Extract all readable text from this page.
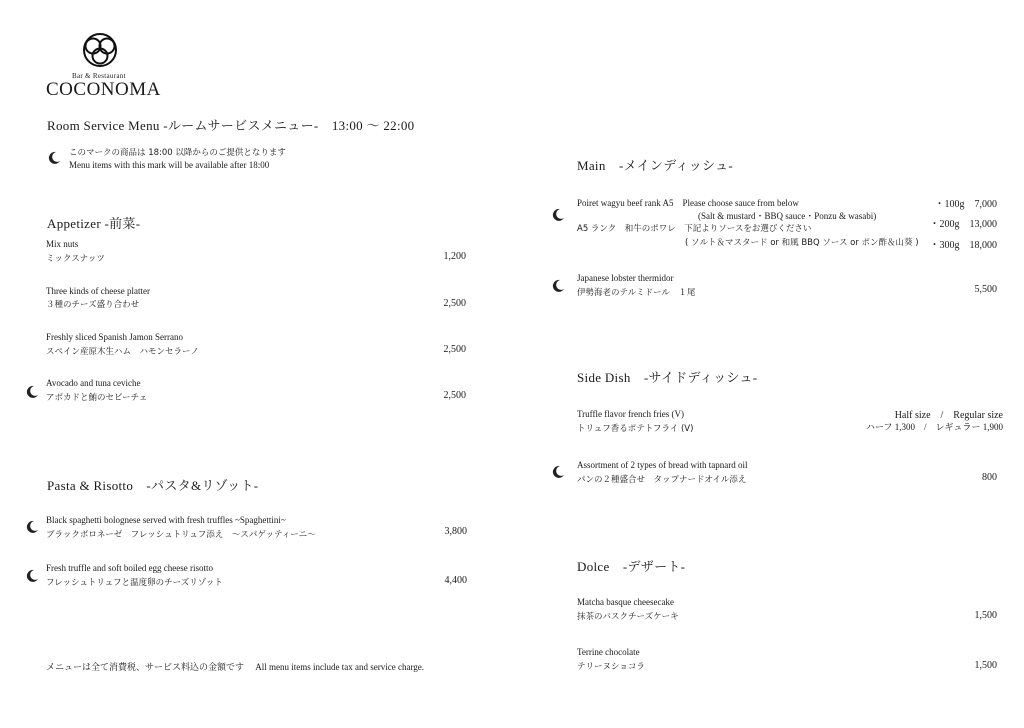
Bar & Restaurant
COCONOMA
Room Service Menu -ルームサービスメニュー-　13:00 ～ 22:00
このマークの商品は 18:00 以降からのご提供となります
Menu items with this mark will be available after 18:00
Appetizer -前菜-
Mix nuts
ミックスナッツ	1,200
Three kinds of cheese platter
３種のチーズ盛り合わせ	2,500
Freshly sliced Spanish Jamon Serrano
スペイン産原木生ハム　ハモンセラーノ	2,500
Avocado and tuna ceviche
アボカドと鮪のセビーチェ	2,500
Pasta & Risotto　-パスタ&リゾット-
Black spaghetti bolognese served with fresh truffles ~Spaghettini~
ブラックボロネーゼ　フレッシュトリュフ添え　～スパゲッティーニ～	3,800
Fresh truffle and soft boiled egg cheese risotto
フレッシュトリュフと温度卵のチーズリゾット	4,400
メニューは全て消費税、サービス料込の金額です　 All menu items include tax and service charge.
Main　-メインディッシュ-
Poiret wagyu beef rank A5　Please choose sauce from below
(Salt & mustard・BBQ sauce・Ponzu & wasabi)
A5 ランク　和牛のポワレ　下記よりソースをお選びください
( ソルト＆マスタード or 和風 BBQ ソース or ポン酢＆山葵 )
・100g　7,000
・200g　13,000
・300g　18,000
Japanese lobster thermidor
伊勢海老のテルミドール　１尾	5,500
Side Dish　-サイドディッシュ-
Truffle flavor french fries (V)
トリュフ香るポテトフライ (V)
Half size　/　Regular size
ハーフ 1,300　/　レギュラー 1,900
Assortment of 2 types of bread with tapnard oil
パンの２種盛合せ　タップナードオイル添え	800
Dolce　-デザート-
Matcha basque cheesecake
抹茶のバスクチーズケーキ	1,500
Terrine chocolate
テリーヌショコラ	1,500
